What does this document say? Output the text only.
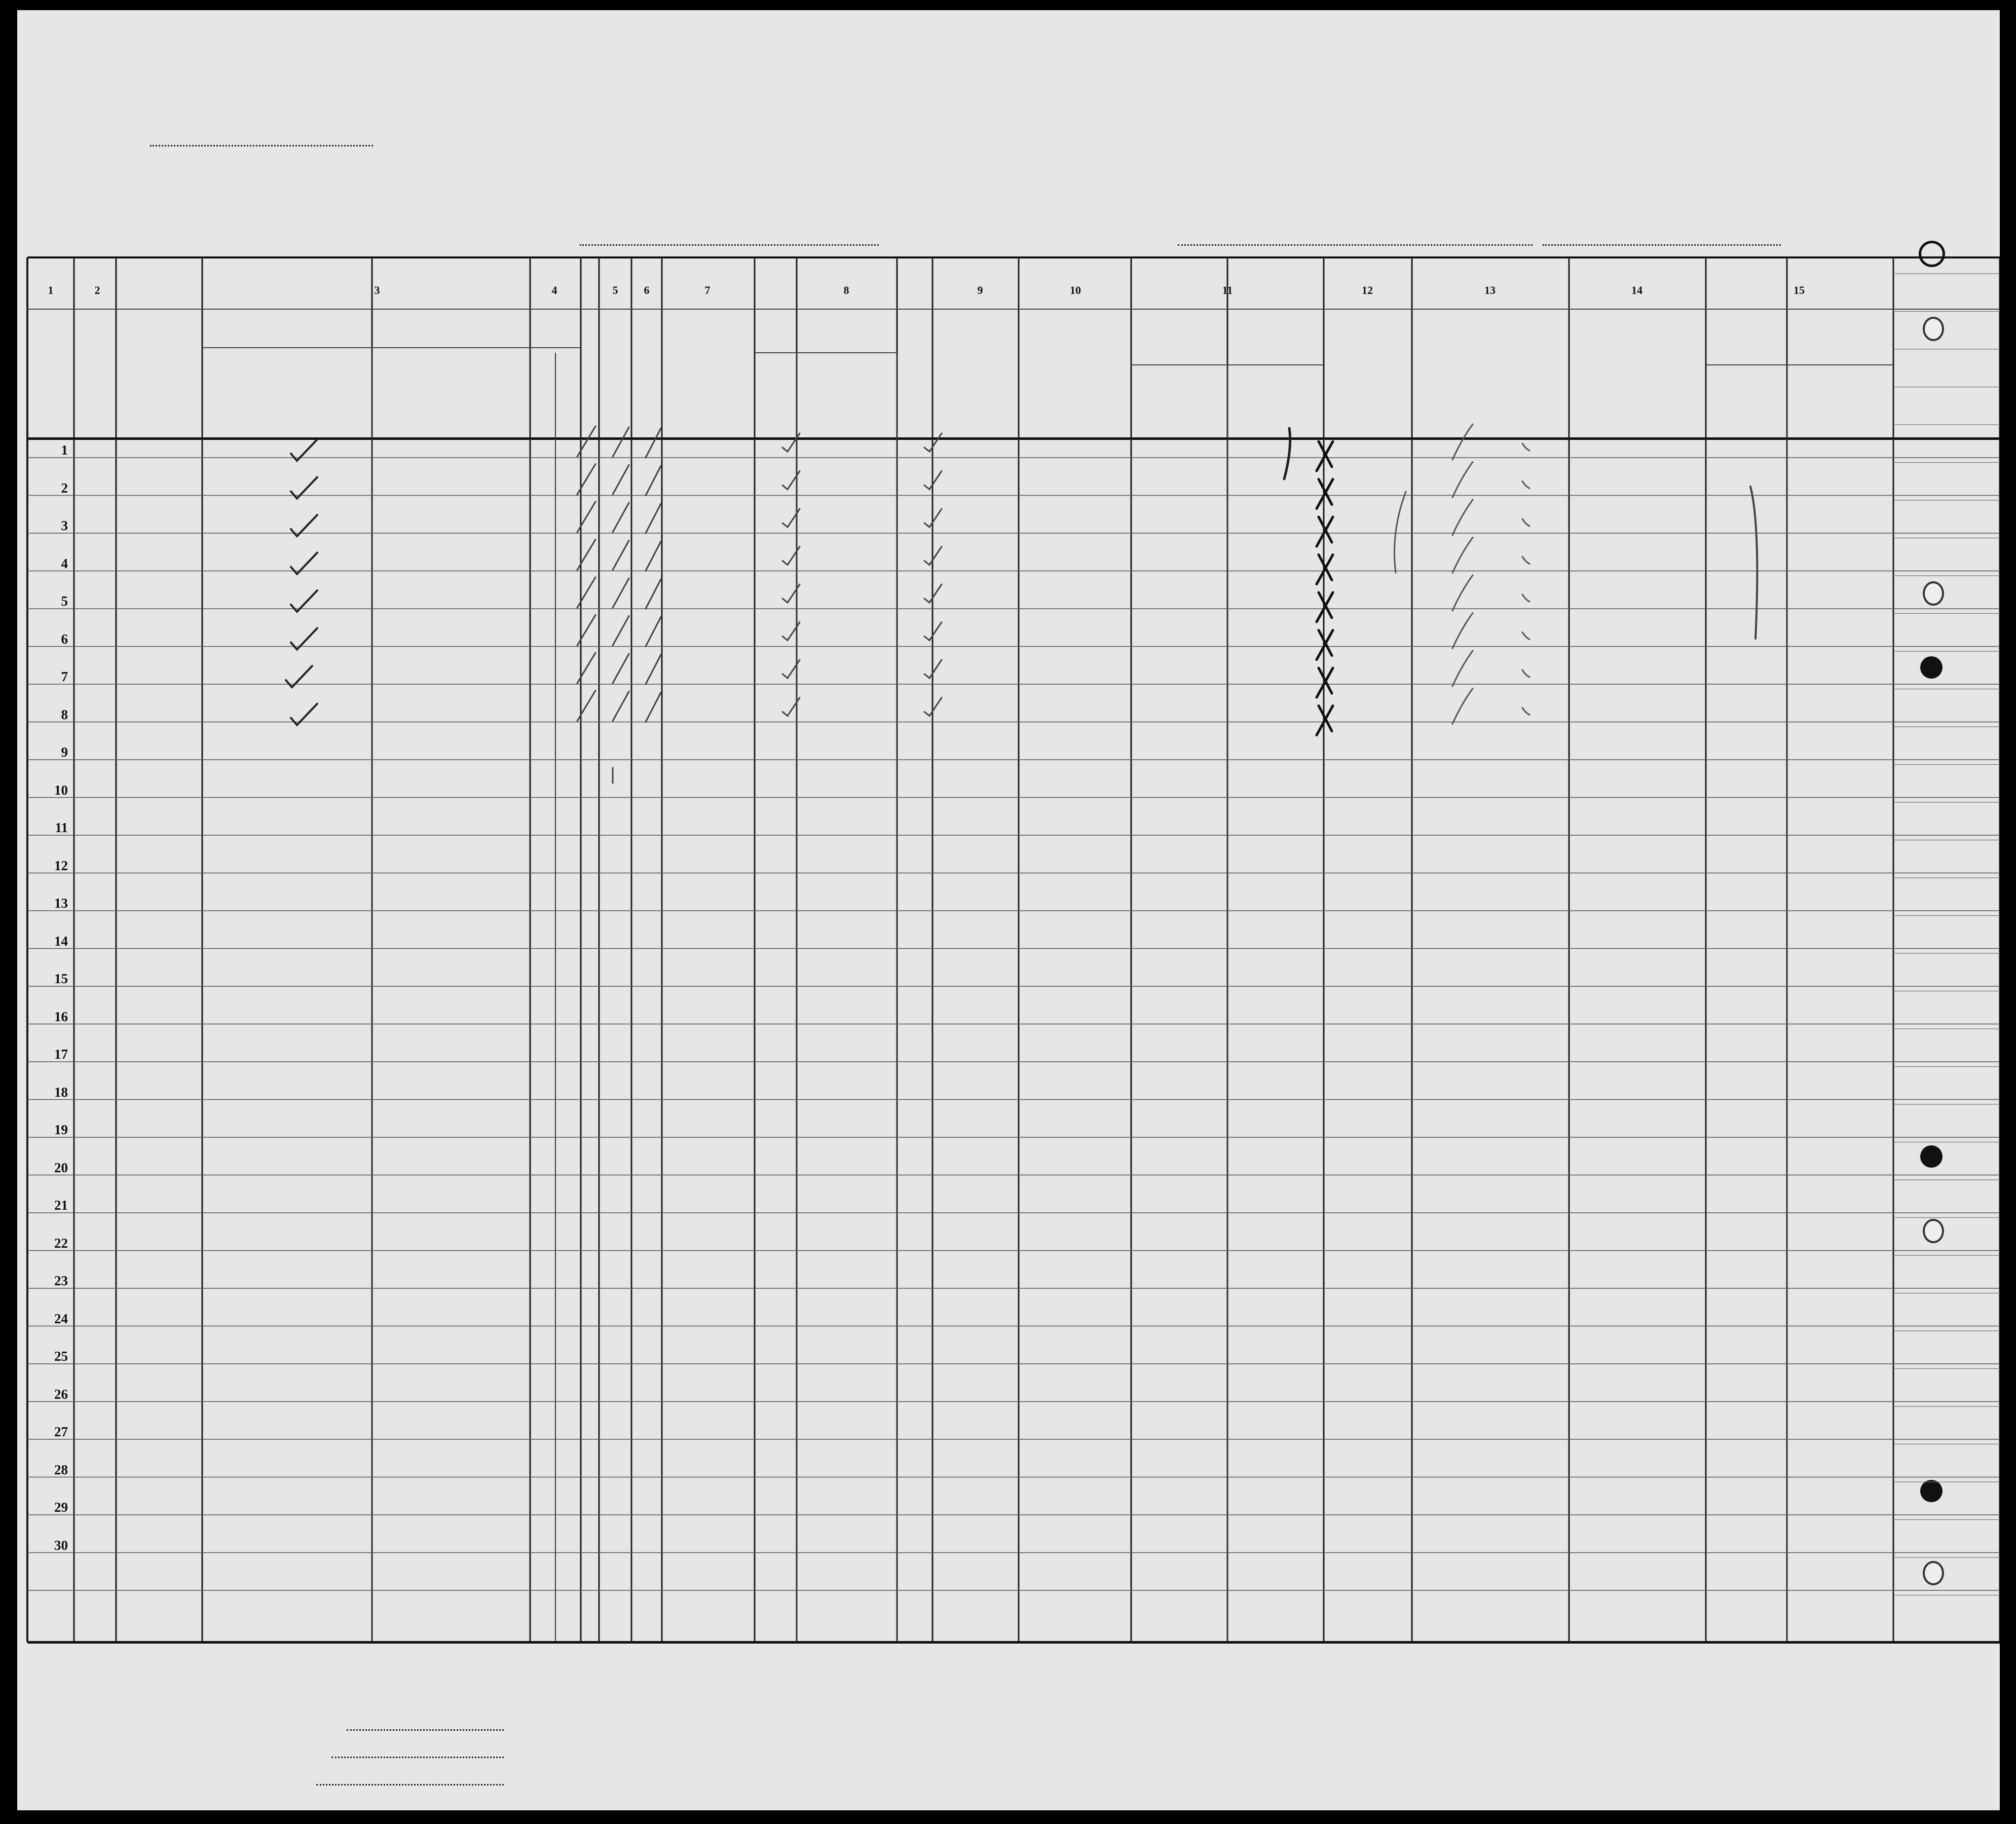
1	2	3	4	5	6	7	8	9	10	11	12	13	14	15
1
2
3
4
5
6
7
8
9
10
11
12
13
14
15
16
17
18
19
20
21
22
23
24
25
26
27
28
29
30
